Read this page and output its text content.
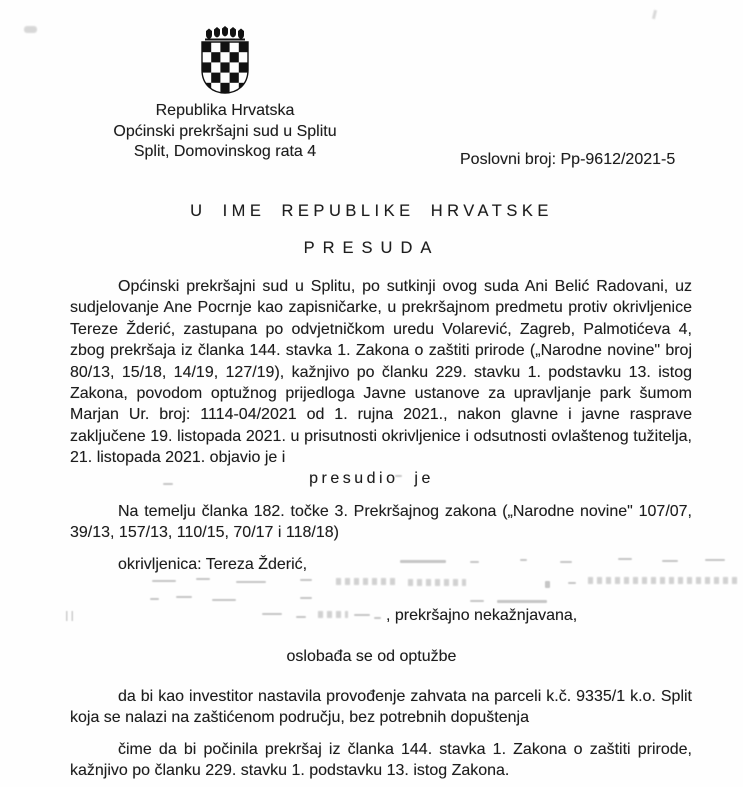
Republika Hrvatska
Općinski prekršajni sud u Splitu
Split, Domovinskog rata 4	Poslovni broj: Pp-9612/2021-5
U IME REPUBLIKE HRVATSKE
PRESUDA
Općinski prekršajni sud u Splitu, po sutkinji ovog suda Ani Belić Radovani, uz sudjelovanje Ane Pocrnje kao zapisničarke, u prekršajnom predmetu protiv okrivljenice Tereze Žderić, zastupana po odvjetničkom uredu Volarević, Zagreb, Palmotićeva 4, zbog prekršaja iz članka 144. stavka 1. Zakona o zaštiti prirode („Narodne novine" broj 80/13, 15/18, 14/19, 127/19), kažnjivo po članku 229. stavku 1. podstavku 13. istog Zakona, povodom optužnog prijedloga Javne ustanove za upravljanje park šumom Marjan Ur. broj: 1114-04/2021 od 1. rujna 2021., nakon glavne i javne rasprave zaključene 19. listopada 2021. u prisutnosti okrivljenice i odsutnosti ovlaštenog tužitelja, 21. listopada 2021. objavio je i
presudio je
Na temelju članka 182. točke 3. Prekršajnog zakona („Narodne novine" 107/07, 39/13, 157/13, 110/15, 70/17 i 118/18)
okrivljenica: Tereza Žderić,
, prekršajno nekažnjavana,
oslobađa se od optužbe
da bi kao investitor nastavila provođenje zahvata na parceli k.č. 9335/1 k.o. Split koja se nalazi na zaštićenom području, bez potrebnih dopuštenja
čime da bi počinila prekršaj iz članka 144. stavka 1. Zakona o zaštiti prirode, kažnjivo po članku 229. stavku 1. podstavku 13. istog Zakona.
